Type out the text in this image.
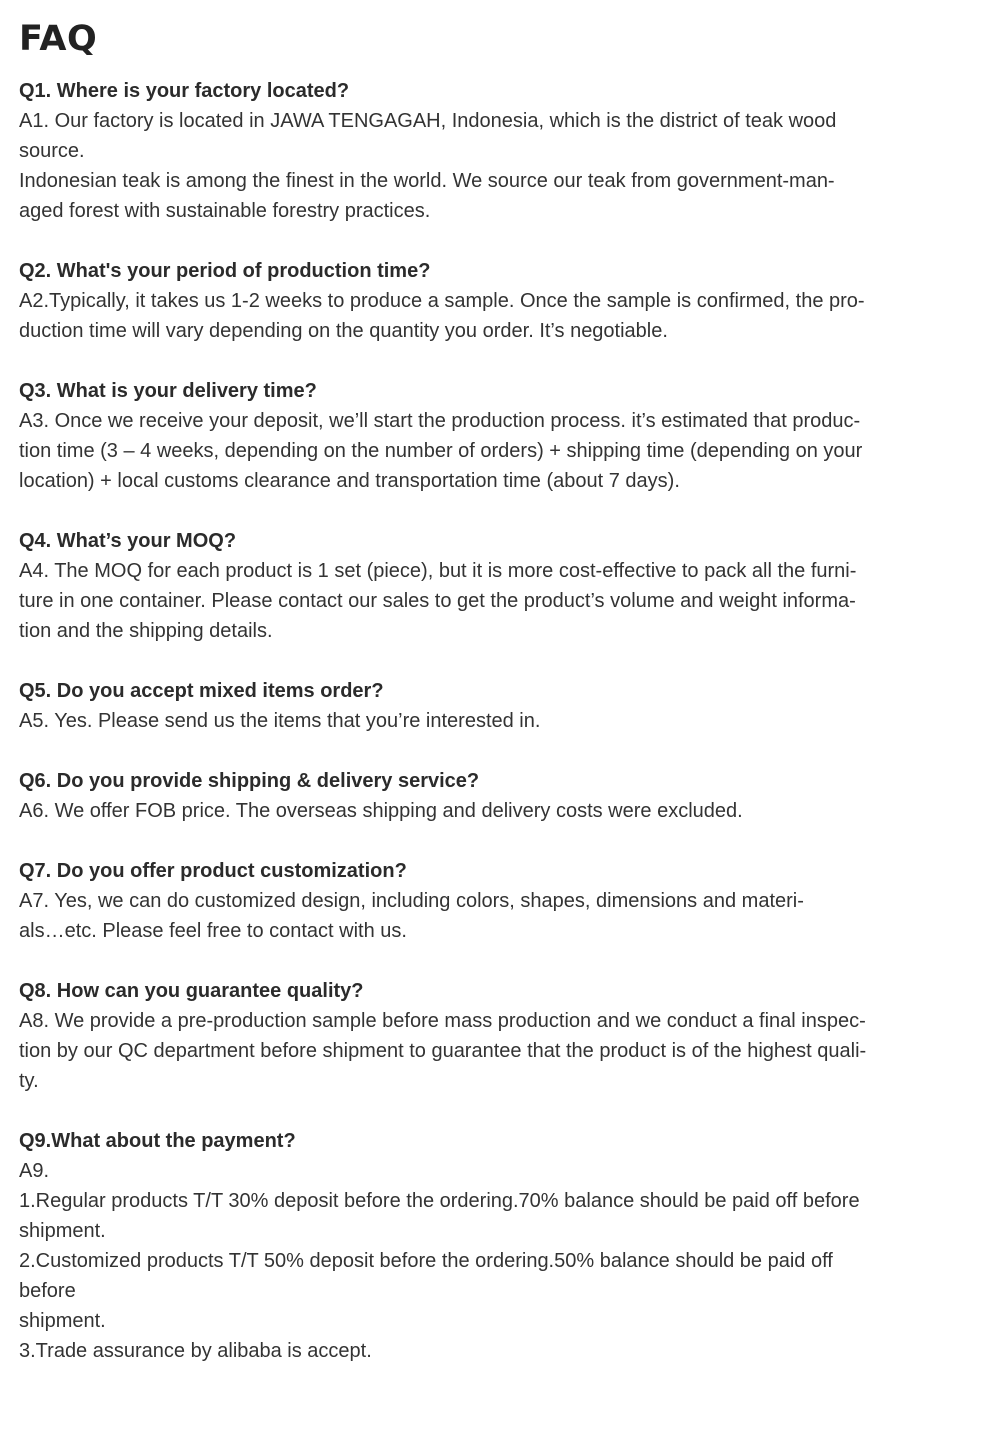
FAQ

Q1. Where is your factory located?

A1. Our factory is located in JAWA TENGAGAH, Indonesia, which is the district of teak wood

source.

Indonesian teak is among the finest in the world. We source our teak from government-man-

aged forest with sustainable forestry practices.

Q2. What's your period of production time?

A2.Typically, it takes us 1-2 weeks to produce a sample. Once the sample is confirmed, the pro-

duction time will vary depending on the quantity you order. It’s negotiable.

Q3. What is your delivery time?

A3. Once we receive your deposit, we’ll start the production process. it’s estimated that produc-

tion time (3 – 4 weeks, depending on the number of orders) + shipping time (depending on your

location) + local customs clearance and transportation time (about 7 days).

Q4. What’s your MOQ?

A4. The MOQ for each product is 1 set (piece), but it is more cost-effective to pack all the furni-

ture in one container. Please contact our sales to get the product’s volume and weight informa-

tion and the shipping details.

Q5. Do you accept mixed items order?

A5. Yes. Please send us the items that you’re interested in.

Q6. Do you provide shipping & delivery service?

A6. We offer FOB price. The overseas shipping and delivery costs were excluded.

Q7. Do you offer product customization?

A7. Yes, we can do customized design, including colors, shapes, dimensions and materi-

als…etc. Please feel free to contact with us.

Q8. How can you guarantee quality?

A8. We provide a pre-production sample before mass production and we conduct a final inspec-

tion by our QC department before shipment to guarantee that the product is of the highest quali-

ty.

Q9.What about the payment?

A9.

1.Regular products T/T 30% deposit before the ordering.70% balance should be paid off before

shipment.

2.Customized products T/T 50% deposit before the ordering.50% balance should be paid off

before

shipment.

3.Trade assurance by alibaba is accept.
